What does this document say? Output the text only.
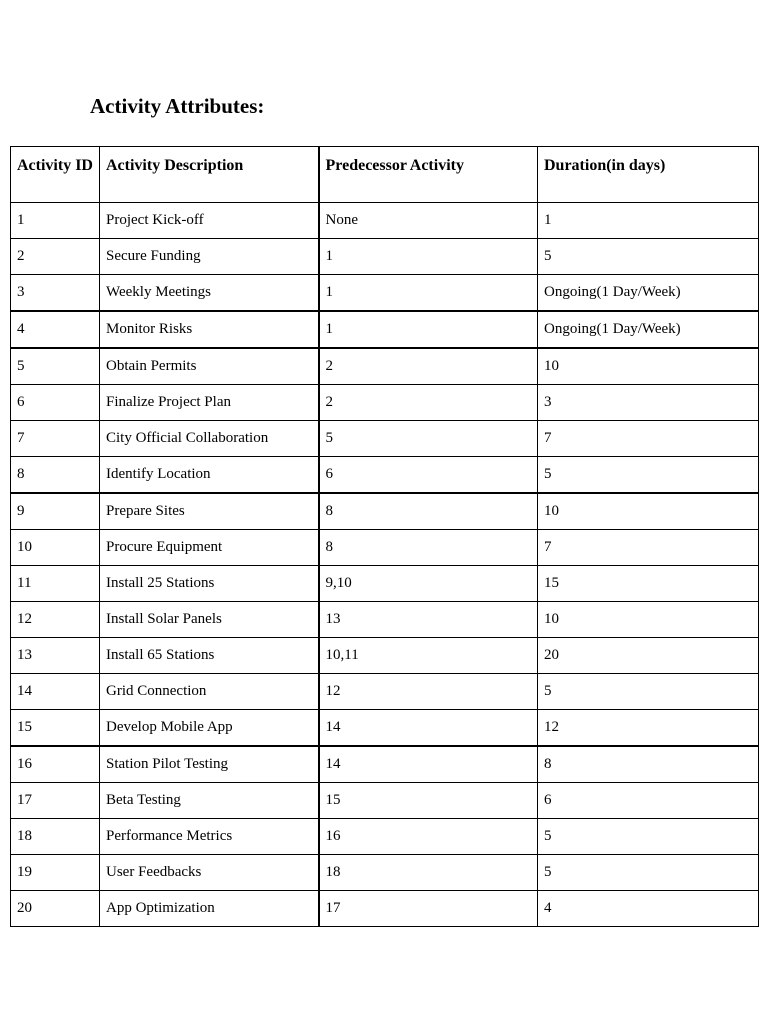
Activity Attributes:
Activity ID	Activity Description	Predecessor Activity	Duration(in days)
1	Project Kick-off	None	1
2	Secure Funding	1	5
3	Weekly Meetings	1	Ongoing(1 Day/Week)
4	Monitor Risks	1	Ongoing(1 Day/Week)
5	Obtain Permits	2	10
6	Finalize Project Plan	2	3
7	City Official Collaboration	5	7
8	Identify Location	6	5
9	Prepare Sites	8	10
10	Procure Equipment	8	7
11	Install 25 Stations	9,10	15
12	Install Solar Panels	13	10
13	Install 65 Stations	10,11	20
14	Grid Connection	12	5
15	Develop Mobile App	14	12
16	Station Pilot Testing	14	8
17	Beta Testing	15	6
18	Performance Metrics	16	5
19	User Feedbacks	18	5
20	App Optimization	17	4
